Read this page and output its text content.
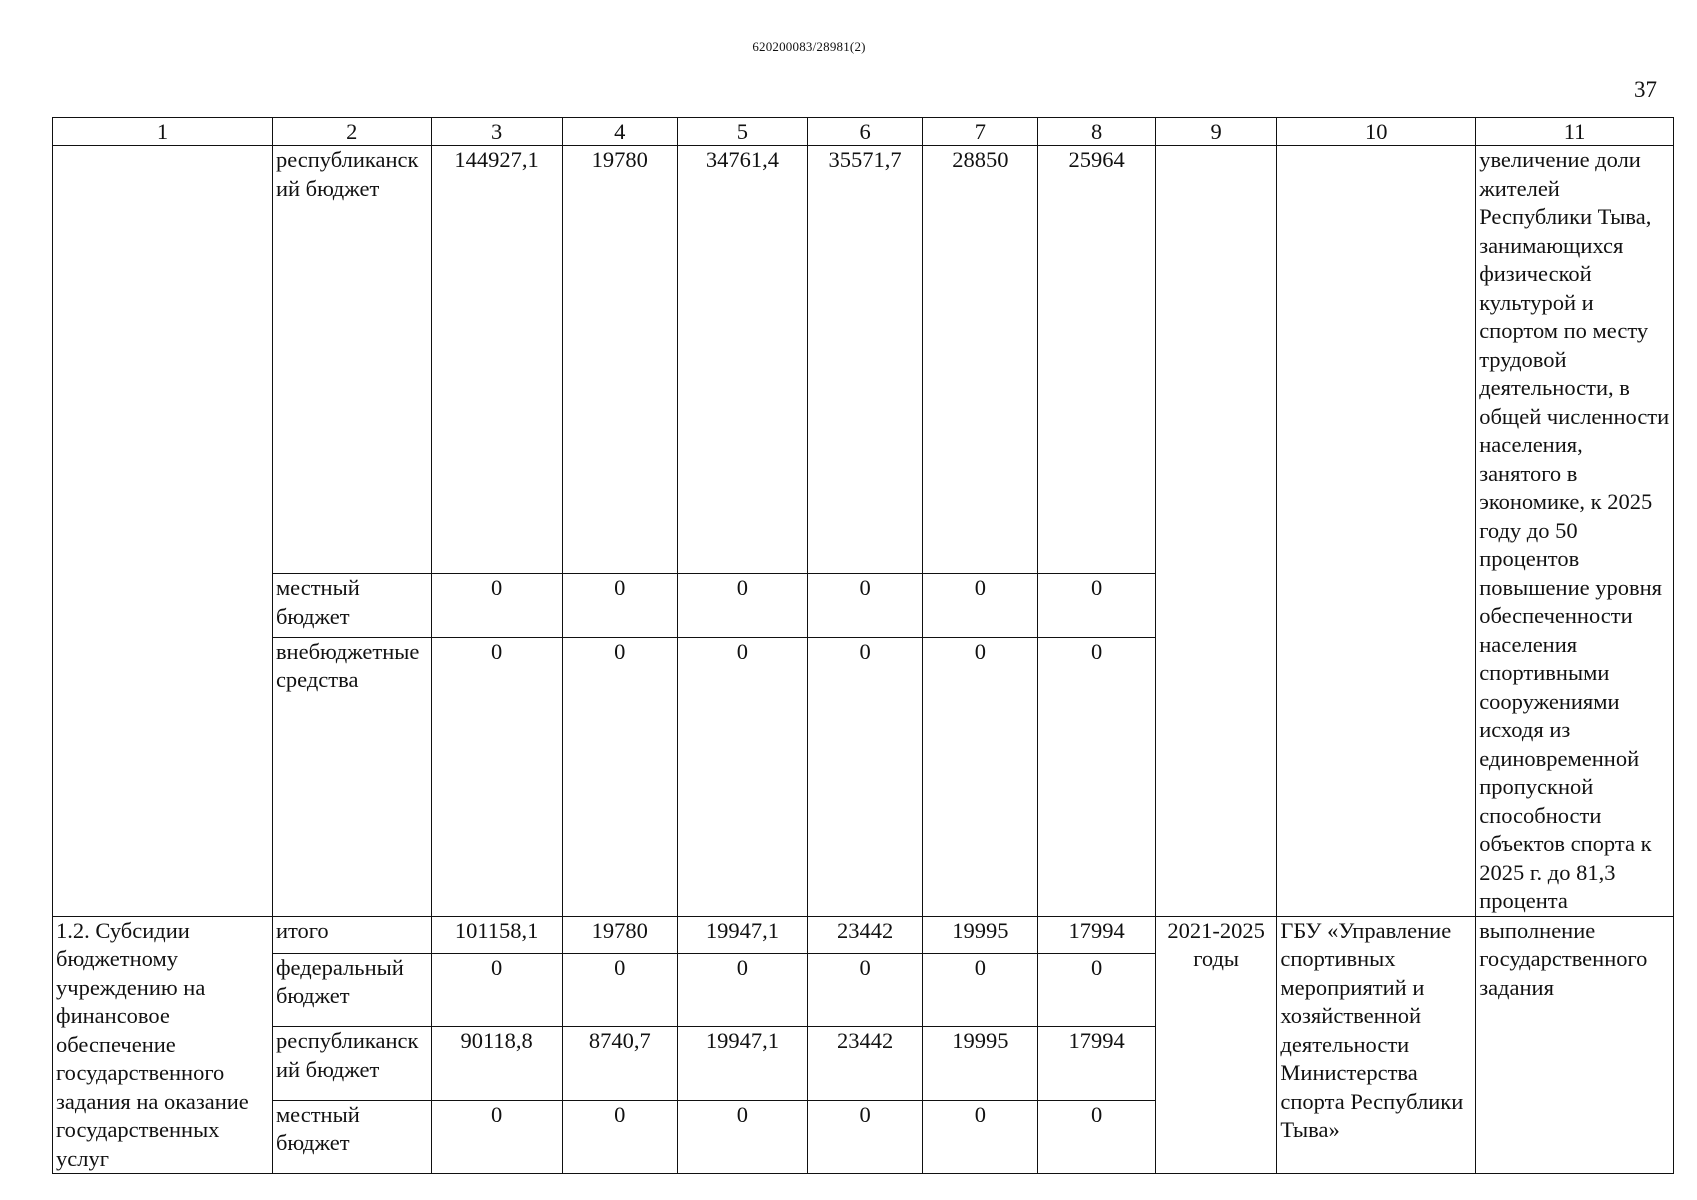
620200083/28981(2)
37
1	2	3	4	5	6	7	8	9	10	11
	республиканский бюджет	144927,1	19780	34761,4	35571,7	28850	25964			увеличение доли жителей Республики Тыва, занимающихся физической культурой и спортом по месту трудовой деятельности, в общей численности населения, занятого в экономике, к 2025 году до 50 процентов
	местный бюджет	0	0	0	0	0	0			повышение уровня обеспеченности населения спортивными сооружениями исходя из единовременной пропускной способности объектов спорта к 2025 г. до 81,3 процента
	внебюджетные средства	0	0	0	0	0	0			
1.2. Субсидии бюджетному учреждению на финансовое обеспечение государственного задания на оказание государственных услуг	итого	101158,1	19780	19947,1	23442	19995	17994	2021-2025 годы	ГБУ «Управление спортивных мероприятий и хозяйственной деятельности Министерства спорта Республики Тыва»	выполнение государственного задания
	федеральный бюджет	0	0	0	0	0	0			
	республиканский бюджет	90118,8	8740,7	19947,1	23442	19995	17994			
	местный бюджет	0	0	0	0	0	0			
